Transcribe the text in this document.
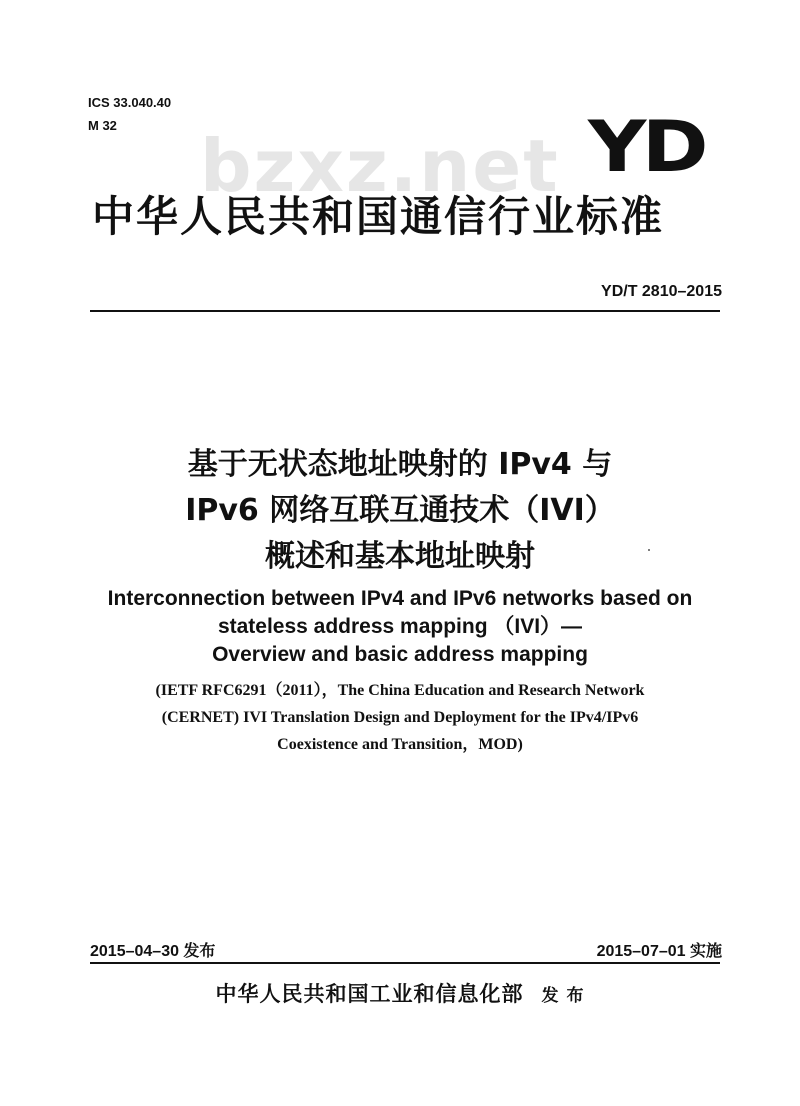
ICS 33.040.40
M 32 bzxz.net YD
中华人民共和国通信行业标准
YD/T 2810–2015
基于无状态地址映射的 IPv4 与
IPv6 网络互联互通技术（IVI）
概述和基本地址映射
Interconnection between IPv4 and IPv6 networks based on
stateless address mapping （IVI）—
Overview and basic address mapping
(IETF RFC6291（2011），The China Education and Research Network
(CERNET) IVI Translation Design and Deployment for the IPv4/IPv6
Coexistence and Transition，MOD)
2015–04–30 发布	2015–07–01 实施
中华人民共和国工业和信息化部 发 布
